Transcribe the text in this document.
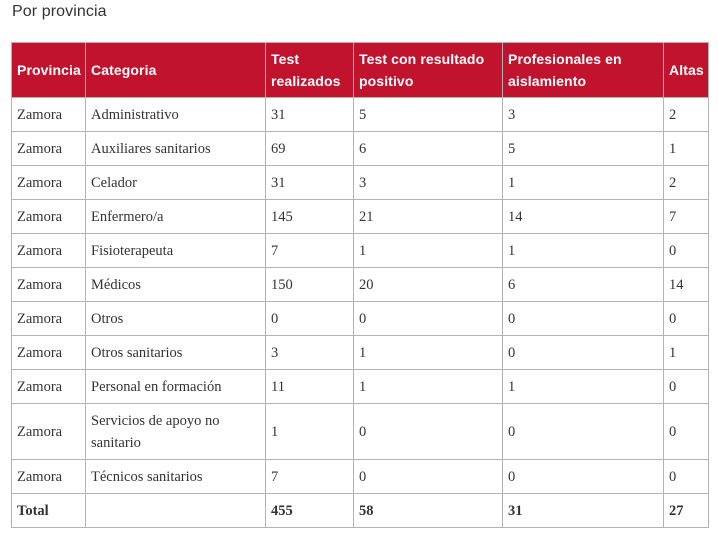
Por provincia
Provincia	Categoria	Test realizados	Test con resultado positivo	Profesionales en aislamiento	Altas
Zamora	Administrativo	31	5	3	2
Zamora	Auxiliares sanitarios	69	6	5	1
Zamora	Celador	31	3	1	2
Zamora	Enfermero/a	145	21	14	7
Zamora	Fisioterapeuta	7	1	1	0
Zamora	Médicos	150	20	6	14
Zamora	Otros	0	0	0	0
Zamora	Otros sanitarios	3	1	0	1
Zamora	Personal en formación	11	1	1	0
Zamora	Servicios de apoyo no sanitario	1	0	0	0
Zamora	Técnicos sanitarios	7	0	0	0
Total		455	58	31	27
